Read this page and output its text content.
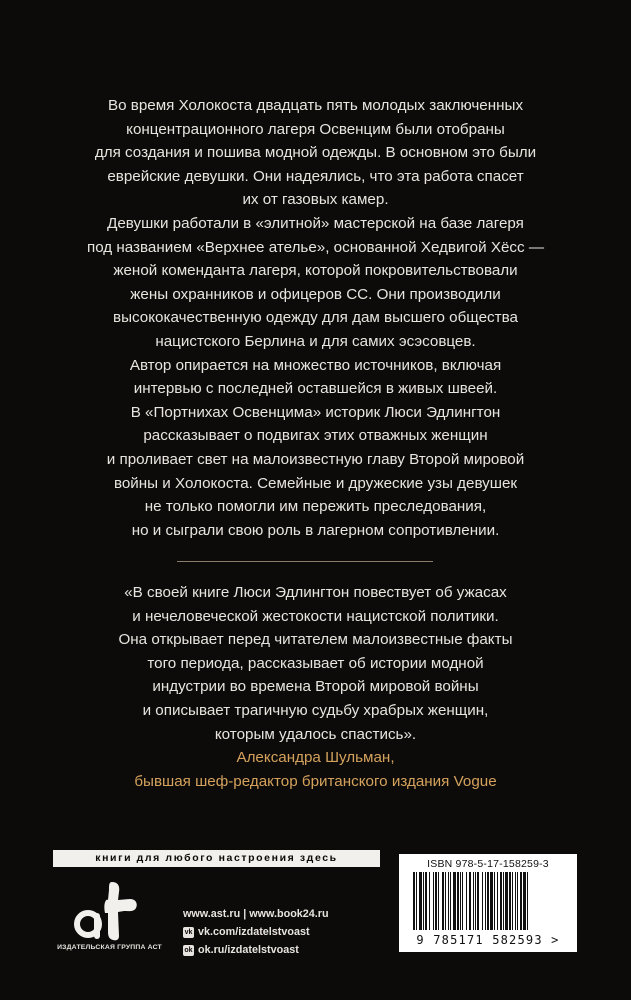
Во время Холокоста двадцать пять молодых заключенных
концентрационного лагеря Освенцим были отобраны
для создания и пошива модной одежды. В основном это были
еврейские девушки. Они надеялись, что эта работа спасет
их от газовых камер.
Девушки работали в «элитной» мастерской на базе лагеря
под названием «Верхнее ателье», основанной Хедвигой Хёсс —
женой коменданта лагеря, которой покровительствовали
жены охранников и офицеров СС. Они производили
высококачественную одежду для дам высшего общества
нацистского Берлина и для самих эсэсовцев.
Автор опирается на множество источников, включая
интервью с последней оставшейся в живых швеей.
В «Портнихах Освенцима» историк Люси Эдлингтон
рассказывает о подвигах этих отважных женщин
и проливает свет на малоизвестную главу Второй мировой
войны и Холокоста. Семейные и дружеские узы девушек
не только помогли им пережить преследования,
но и сыграли свою роль в лагерном сопротивлении.
«В своей книге Люси Эдлингтон повествует об ужасах
и нечеловеческой жестокости нацистской политики.
Она открывает перед читателем малоизвестные факты
того периода, рассказывает об истории модной
индустрии во времена Второй мировой войны
и описывает трагичную судьбу храбрых женщин,
которым удалось спастись».
Александра Шульман,
бывшая шеф-редактор британского издания Vogue
книги для любого настроения здесь
ИЗДАТЕЛЬСКАЯ ГРУППА АСТ
www.ast.ru | www.book24.ru
vk vk.com/izdatelstvoast
ok ok.ru/izdatelstvoast
ISBN 978-5-17-158259-3
9 785171 582593 >
